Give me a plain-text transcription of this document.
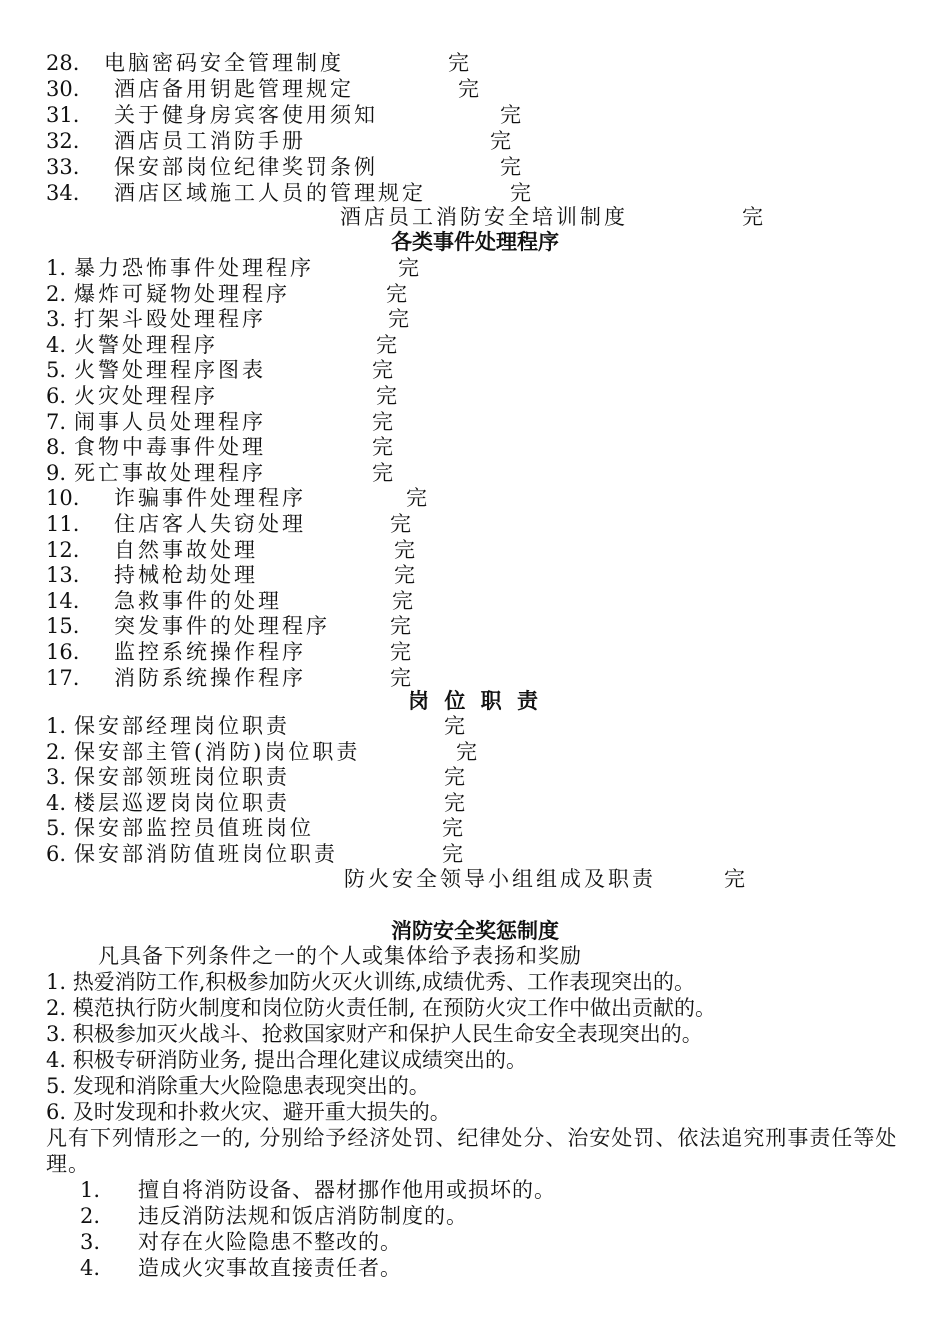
28. 电脑密码安全管理制度	完
30. 酒店备用钥匙管理规定	完
31. 关于健身房宾客使用须知	完
32. 酒店员工消防手册	完
33. 保安部岗位纪律奖罚条例	完
34. 酒店区域施工人员的管理规定	完
酒店员工消防安全培训制度	完
各类事件处理程序
1. 暴力恐怖事件处理程序	完
2. 爆炸可疑物处理程序	完
3. 打架斗殴处理程序	完
4. 火警处理程序	完
5. 火警处理程序图表	完
6. 火灾处理程序	完
7. 闹事人员处理程序	完
8. 食物中毒事件处理	完
9. 死亡事故处理程序	完
10. 诈骗事件处理程序	完
11. 住店客人失窃处理	完
12. 自然事故处理	完
13. 持械枪劫处理	完
14. 急救事件的处理	完
15. 突发事件的处理程序	完
16. 监控系统操作程序	完
17. 消防系统操作程序	完
岗 位 职 责
1. 保安部经理岗位职责	完
2. 保安部主管(消防)岗位职责	完
3. 保安部领班岗位职责	完
4. 楼层巡逻岗岗位职责	完
5. 保安部监控员值班岗位	完
6. 保安部消防值班岗位职责	完
防火安全领导小组组成及职责	完
消防安全奖惩制度
凡具备下列条件之一的个人或集体给予表扬和奖励
1. 热爱消防工作,积极参加防火灭火训练,成绩优秀、工作表现突出的。
2. 模范执行防火制度和岗位防火责任制, 在预防火灾工作中做出贡献的。
3. 积极参加灭火战斗、抢救国家财产和保护人民生命安全表现突出的。
4. 积极专研消防业务, 提出合理化建议成绩突出的。
5. 发现和消除重大火险隐患表现突出的。
6. 及时发现和扑救火灾、避开重大损失的。
凡有下列情形之一的, 分别给予经济处罚、纪律处分、治安处罚、依法追究刑事责任等处理。
1. 擅自将消防设备、器材挪作他用或损坏的。
2. 违反消防法规和饭店消防制度的。
3. 对存在火险隐患不整改的。
4. 造成火灾事故直接责任者。
